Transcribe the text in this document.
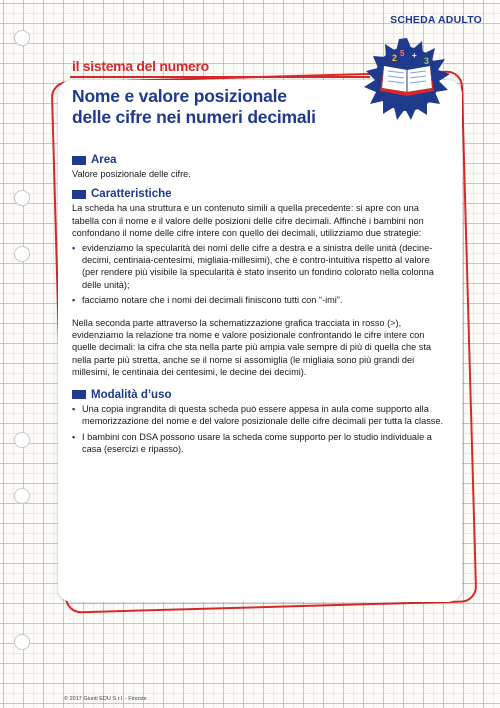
SCHEDA ADULTO
il sistema del numero	2 +
3
5
Nome e valore posizionale
delle cifre nei numeri decimali
Area

Valore posizionale delle cifre.

Caratteristiche

La scheda ha una struttura e un contenuto simili a quella precedente: si apre con una tabella con il nome e il valore delle posizioni delle cifre decimali. Affinché i bambini non confondano il nome delle cifre intere con quello dei decimali, utilizziamo due strategie:

• evidenziamo la specularità dei nomi delle cifre a destra e a sinistra delle unità (decine-decimi, centinaia-centesimi, migliaia-millesimi), che è contro-intuitiva rispetto al valore (per rendere più visibile la specularità è stato inserito un fondino colorato nella colonna delle unità);
• facciamo notare che i nomi dei decimali finiscono tutti con “-imi”.

Nella seconda parte attraverso la schematizzazione grafica tracciata in rosso (>), evidenziamo la relazione tra nome e valore posizionale confrontando le cifre intere con quelle decimali: la cifra che sta nella parte più ampia vale sempre di più di quella che sta nella parte più stretta, anche se il nome si assomiglia (le migliaia sono più grandi dei millesimi, le centinaia dei centesimi, le decine dei decimi).

Modalità d’uso
• Una copia ingrandita di questa scheda può essere appesa in aula come supporto alla memorizzazione del nome e del valore posizionale delle cifre decimali per tutta la classe.
• I bambini con DSA possono usare la scheda come supporto per lo studio individuale a casa (esercizi e ripasso).
© 2017 Giunti EDU S.r.l. - Firenze
